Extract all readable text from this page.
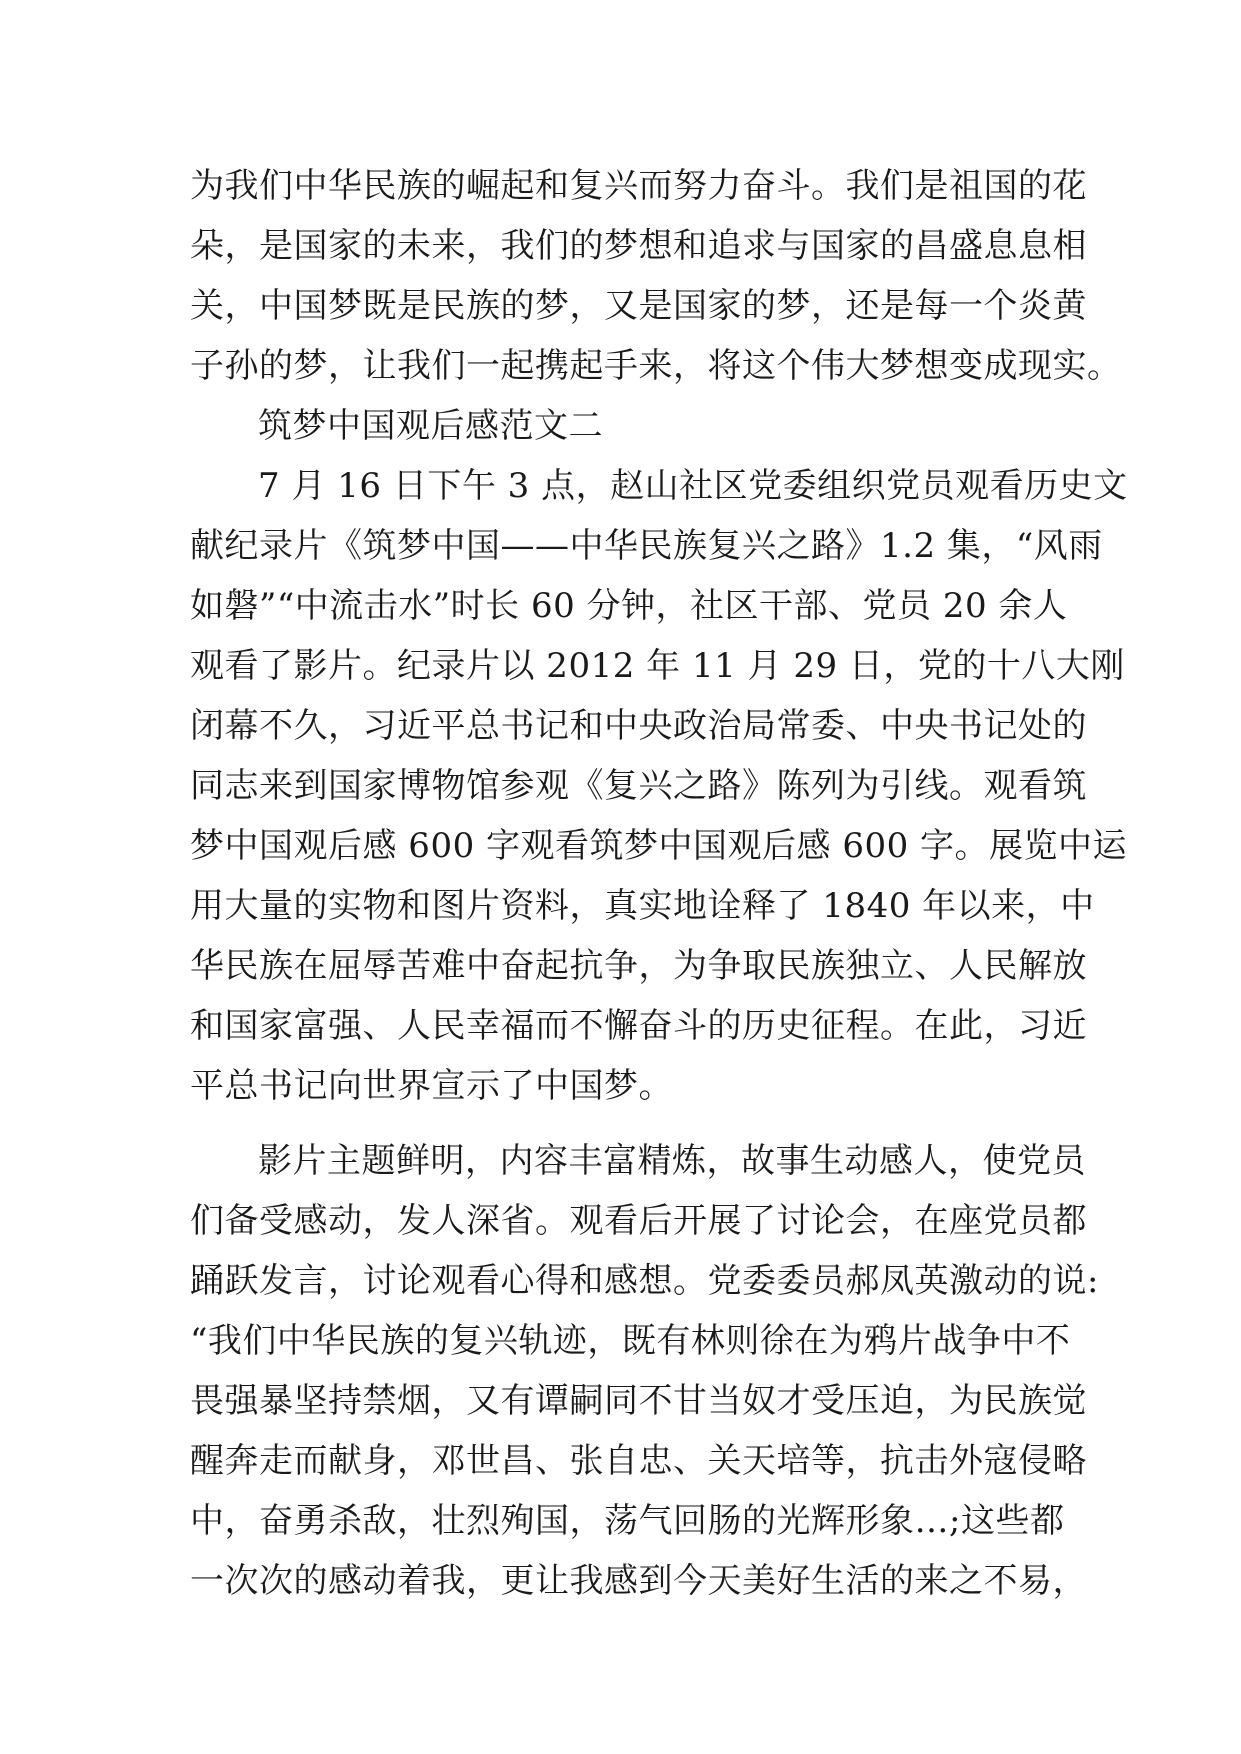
为我们中华民族的崛起和复兴而努力奋斗。我们是祖国的花
朵，是国家的未来，我们的梦想和追求与国家的昌盛息息相
关，中国梦既是民族的梦，又是国家的梦，还是每一个炎黄
子孙的梦，让我们一起携起手来，将这个伟大梦想变成现实。
筑梦中国观后感范文二
7 月 16 日下午 3 点，赵山社区党委组织党员观看历史文
献纪录片《筑梦中国——中华民族复兴之路》1.2 集，“风雨
如磐”“中流击水”时长 60 分钟，社区干部、党员 20 余人
观看了影片。纪录片以 2012 年 11 月 29 日，党的十八大刚
闭幕不久，习近平总书记和中央政治局常委、中央书记处的
同志来到国家博物馆参观《复兴之路》陈列为引线。观看筑
梦中国观后感 600 字观看筑梦中国观后感 600 字。展览中运
用大量的实物和图片资料，真实地诠释了 1840 年以来，中
华民族在屈辱苦难中奋起抗争，为争取民族独立、人民解放
和国家富强、人民幸福而不懈奋斗的历史征程。在此，习近
平总书记向世界宣示了中国梦。
影片主题鲜明，内容丰富精炼，故事生动感人，使党员
们备受感动，发人深省。观看后开展了讨论会，在座党员都
踊跃发言，讨论观看心得和感想。党委委员郝凤英激动的说:
“我们中华民族的复兴轨迹，既有林则徐在为鸦片战争中不
畏强暴坚持禁烟，又有谭嗣同不甘当奴才受压迫，为民族觉
醒奔走而献身，邓世昌、张自忠、关天培等，抗击外寇侵略
中，奋勇杀敌，壮烈殉国，荡气回肠的光辉形象…;这些都
一次次的感动着我，更让我感到今天美好生活的来之不易，
